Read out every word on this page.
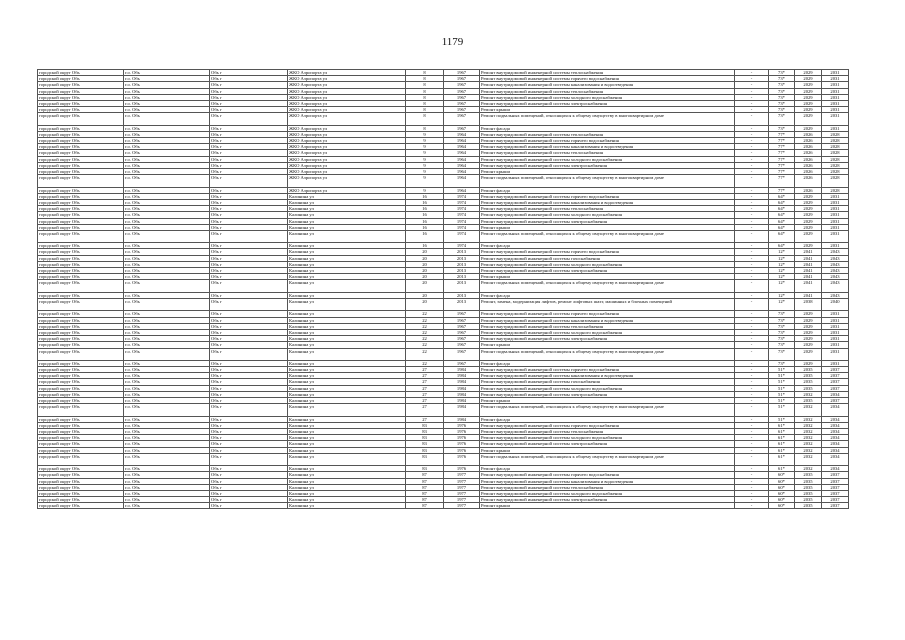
1179
городской округ Обь	г.о. Обь	Обь г	ЖКО Аэропорта ул	8	1967	Ремонт внутридомовой инженерной системы теплоснабжения	-	73*	2029	2031
городской округ Обь	г.о. Обь	Обь г	ЖКО Аэропорта ул	8	1967	Ремонт внутридомовой инженерной системы горячего водоснабжения	-	73*	2029	2031
городской округ Обь	г.о. Обь	Обь г	ЖКО Аэропорта ул	8	1967	Ремонт внутридомовой инженерной системы канализования и водоотведения	-	73*	2029	2031
городской округ Обь	г.о. Обь	Обь г	ЖКО Аэропорта ул	8	1967	Ремонт внутридомовой инженерной системы теплоснабжения	-	73*	2029	2031
городской округ Обь	г.о. Обь	Обь г	ЖКО Аэропорта ул	8	1967	Ремонт внутридомовой инженерной системы холодного водоснабжения	-	73*	2029	2031
городской округ Обь	г.о. Обь	Обь г	ЖКО Аэропорта ул	8	1967	Ремонт внутридомовой инженерной системы электроснабжения	-	73*	2029	2031
городской округ Обь	г.о. Обь	Обь г	ЖКО Аэропорта ул	8	1967	Ремонт крыши	-	73*	2029	2031
городской округ Обь	г.о. Обь	Обь г	ЖКО Аэропорта ул	8	1967	Ремонт подвальных помещений, относящихся к общему имуществу в многоквартирном доме	-	73*	2029	2031
городской округ Обь	г.о. Обь	Обь г	ЖКО Аэропорта ул	8	1967	Ремонт фасада	-	73*	2029	2031
городской округ Обь	г.о. Обь	Обь г	ЖКО Аэропорта ул	9	1964	Ремонт внутридомовой инженерной системы теплоснабжения	-	77*	2026	2028
городской округ Обь	г.о. Обь	Обь г	ЖКО Аэропорта ул	9	1964	Ремонт внутридомовой инженерной системы горячего водоснабжения	-	77*	2026	2028
городской округ Обь	г.о. Обь	Обь г	ЖКО Аэропорта ул	9	1964	Ремонт внутридомовой инженерной системы канализования и водоотведения	-	77*	2026	2028
городской округ Обь	г.о. Обь	Обь г	ЖКО Аэропорта ул	9	1964	Ремонт внутридомовой инженерной системы теплоснабжения	-	77*	2026	2028
городской округ Обь	г.о. Обь	Обь г	ЖКО Аэропорта ул	9	1964	Ремонт внутридомовой инженерной системы холодного водоснабжения	-	77*	2026	2028
городской округ Обь	г.о. Обь	Обь г	ЖКО Аэропорта ул	9	1964	Ремонт внутридомовой инженерной системы электроснабжения	-	77*	2026	2028
городской округ Обь	г.о. Обь	Обь г	ЖКО Аэропорта ул	9	1964	Ремонт крыши	-	77*	2026	2028
городской округ Обь	г.о. Обь	Обь г	ЖКО Аэропорта ул	9	1964	Ремонт подвальных помещений, относящихся к общему имуществу в многоквартирном доме	-	77*	2026	2028
городской округ Обь	г.о. Обь	Обь г	ЖКО Аэропорта ул	9	1964	Ремонт фасада	-	77*	2026	2028
городской округ Обь	г.о. Обь	Обь г	Калинина ул	16	1974	Ремонт внутридомовой инженерной системы горячего водоснабжения	-	64*	2029	2031
городской округ Обь	г.о. Обь	Обь г	Калинина ул	16	1974	Ремонт внутридомовой инженерной системы канализования и водоотведения	-	64*	2029	2031
городской округ Обь	г.о. Обь	Обь г	Калинина ул	16	1974	Ремонт внутридомовой инженерной системы теплоснабжения	-	64*	2029	2031
городской округ Обь	г.о. Обь	Обь г	Калинина ул	16	1974	Ремонт внутридомовой инженерной системы холодного водоснабжения	-	64*	2029	2031
городской округ Обь	г.о. Обь	Обь г	Калинина ул	16	1974	Ремонт внутридомовой инженерной системы электроснабжения	-	64*	2029	2031
городской округ Обь	г.о. Обь	Обь г	Калинина ул	16	1974	Ремонт крыши	-	64*	2029	2031
городской округ Обь	г.о. Обь	Обь г	Калинина ул	16	1974	Ремонт подвальных помещений, относящихся к общему имуществу в многоквартирном доме	-	64*	2029	2031
городской округ Обь	г.о. Обь	Обь г	Калинина ул	16	1974	Ремонт фасада	-	64*	2029	2031
городской округ Обь	г.о. Обь	Обь г	Калинина ул	20	2013	Ремонт внутридомовой инженерной системы горячего водоснабжения	-	12*	2041	2043
городской округ Обь	г.о. Обь	Обь г	Калинина ул	20	2013	Ремонт внутридомовой инженерной системы газоснабжения	-	12*	2041	2043
городской округ Обь	г.о. Обь	Обь г	Калинина ул	20	2013	Ремонт внутридомовой инженерной системы холодного водоснабжения	-	12*	2041	2043
городской округ Обь	г.о. Обь	Обь г	Калинина ул	20	2013	Ремонт внутридомовой инженерной системы электроснабжения	-	12*	2041	2043
городской округ Обь	г.о. Обь	Обь г	Калинина ул	20	2013	Ремонт крыши	-	12*	2041	2043
городской округ Обь	г.о. Обь	Обь г	Калинина ул	20	2013	Ремонт подвальных помещений, относящихся к общему имуществу в многоквартирном доме	-	12*	2041	2043
городской округ Обь	г.о. Обь	Обь г	Калинина ул	20	2013	Ремонт фасада	-	12*	2041	2043
городской округ Обь	г.о. Обь	Обь г	Калинина ул	20	2013	Ремонт, замена, модернизация лифтов, ремонт лифтовых шахт, машинных и блочных помещений	-	12*	2038	2040
городской округ Обь	г.о. Обь	Обь г	Калинина ул	22	1967	Ремонт внутридомовой инженерной системы горячего водоснабжения	-	73*	2029	2031
городской округ Обь	г.о. Обь	Обь г	Калинина ул	22	1967	Ремонт внутридомовой инженерной системы канализования и водоотведения	-	73*	2029	2031
городской округ Обь	г.о. Обь	Обь г	Калинина ул	22	1967	Ремонт внутридомовой инженерной системы теплоснабжения	-	73*	2029	2031
городской округ Обь	г.о. Обь	Обь г	Калинина ул	22	1967	Ремонт внутридомовой инженерной системы холодного водоснабжения	-	73*	2029	2031
городской округ Обь	г.о. Обь	Обь г	Калинина ул	22	1967	Ремонт внутридомовой инженерной системы электроснабжения	-	73*	2029	2031
городской округ Обь	г.о. Обь	Обь г	Калинина ул	22	1967	Ремонт крыши	-	73*	2029	2031
городской округ Обь	г.о. Обь	Обь г	Калинина ул	22	1967	Ремонт подвальных помещений, относящихся к общему имуществу в многоквартирном доме	-	73*	2029	2031
городской округ Обь	г.о. Обь	Обь г	Калинина ул	22	1967	Ремонт фасада	-	73*	2029	2031
городской округ Обь	г.о. Обь	Обь г	Калинина ул	27	1984	Ремонт внутридомовой инженерной системы горячего водоснабжения	-	51*	2035	2037
городской округ Обь	г.о. Обь	Обь г	Калинина ул	27	1984	Ремонт внутридомовой инженерной системы канализования и водоотведения	-	51*	2035	2037
городской округ Обь	г.о. Обь	Обь г	Калинина ул	27	1984	Ремонт внутридомовой инженерной системы газоснабжения	-	51*	2035	2037
городской округ Обь	г.о. Обь	Обь г	Калинина ул	27	1984	Ремонт внутридомовой инженерной системы холодного водоснабжения	-	51*	2035	2037
городской округ Обь	г.о. Обь	Обь г	Калинина ул	27	1984	Ремонт внутридомовой инженерной системы электроснабжения	-	51*	2032	2034
городской округ Обь	г.о. Обь	Обь г	Калинина ул	27	1984	Ремонт крыши	-	51*	2035	2037
городской округ Обь	г.о. Обь	Обь г	Калинина ул	27	1984	Ремонт подвальных помещений, относящихся к общему имуществу в многоквартирном доме	-	51*	2032	2034
городской округ Обь	г.о. Обь	Обь г	Калинина ул	27	1984	Ремонт фасада	-	51*	2032	2034
городской округ Обь	г.о. Обь	Обь г	Калинина ул	83	1976	Ремонт внутридомовой инженерной системы горячего водоснабжения	-	61*	2032	2034
городской округ Обь	г.о. Обь	Обь г	Калинина ул	83	1976	Ремонт внутридомовой инженерной системы теплоснабжения	-	61*	2032	2034
городской округ Обь	г.о. Обь	Обь г	Калинина ул	83	1976	Ремонт внутридомовой инженерной системы холодного водоснабжения	-	61*	2032	2034
городской округ Обь	г.о. Обь	Обь г	Калинина ул	83	1976	Ремонт внутридомовой инженерной системы электроснабжения	-	61*	2032	2034
городской округ Обь	г.о. Обь	Обь г	Калинина ул	83	1976	Ремонт крыши	-	61*	2032	2034
городской округ Обь	г.о. Обь	Обь г	Калинина ул	83	1976	Ремонт подвальных помещений, относящихся к общему имуществу в многоквартирном доме	-	61*	2032	2034
городской округ Обь	г.о. Обь	Обь г	Калинина ул	83	1976	Ремонт фасада	-	61*	2032	2034
городской округ Обь	г.о. Обь	Обь г	Калинина ул	87	1977	Ремонт внутридомовой инженерной системы горячего водоснабжения	-	60*	2035	2037
городской округ Обь	г.о. Обь	Обь г	Калинина ул	87	1977	Ремонт внутридомовой инженерной системы канализования и водоотведения	-	60*	2035	2037
городской округ Обь	г.о. Обь	Обь г	Калинина ул	87	1977	Ремонт внутридомовой инженерной системы теплоснабжения	-	60*	2035	2037
городской округ Обь	г.о. Обь	Обь г	Калинина ул	87	1977	Ремонт внутридомовой инженерной системы холодного водоснабжения	-	60*	2035	2037
городской округ Обь	г.о. Обь	Обь г	Калинина ул	87	1977	Ремонт внутридомовой инженерной системы электроснабжения	-	60*	2035	2037
городской округ Обь	г.о. Обь	Обь г	Калинина ул	87	1977	Ремонт крыши	-	60*	2035	2037
